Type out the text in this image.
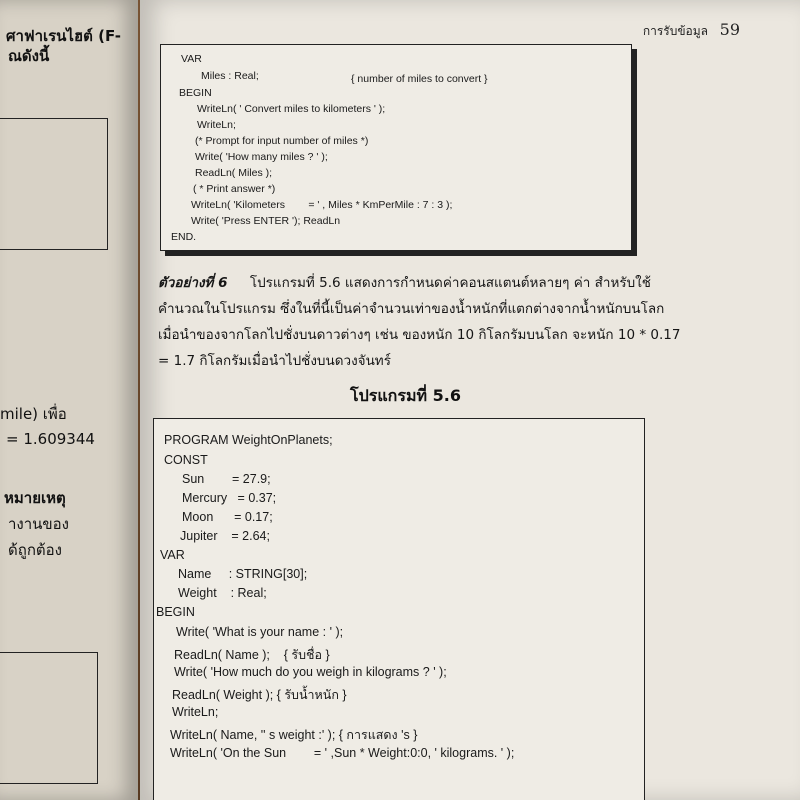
ศาฟาเรนไฮต์ (F-
ณดังนี้
mile) เพื่อ
= 1.609344
หมายเหตุ
างานของ
ด้ถูกต้อง
การรับข้อมูล 59
VAR
Miles : Real;	{ number of miles to convert }
BEGIN
WriteLn( ' Convert miles to kilometers ' );
WriteLn;
(* Prompt for input number of miles *)
Write( 'How many miles ? ' );
ReadLn( Miles );
( * Print answer *)
WriteLn( 'Kilometers        = ' , Miles * KmPerMile : 7 : 3 );
Write( 'Press ENTER '); ReadLn
END.
ตัวอย่างที่ 6 โปรแกรมที่ 5.6 แสดงการกำหนดค่าคอนสแตนต์หลายๆ ค่า สำหรับใช้
คำนวณในโปรแกรม ซึ่งในที่นี้เป็นค่าจำนวนเท่าของน้ำหนักที่แตกต่างจากน้ำหนักบนโลก
เมื่อนำของจากโลกไปชั่งบนดาวต่างๆ เช่น ของหนัก 10 กิโลกรัมบนโลก จะหนัก 10 * 0.17
= 1.7 กิโลกรัมเมื่อนำไปชั่งบนดวงจันทร์
โปรแกรมที่ 5.6
PROGRAM WeightOnPlanets;
CONST
Sun        = 27.9;
Mercury   = 0.37;
Moon      = 0.17;
Jupiter    = 2.64;
VAR
Name     : STRING[30];
Weight    : Real;
BEGIN
Write( 'What is your name : ' );
ReadLn( Name );    { รับชื่อ }
Write( 'How much do you weigh in kilograms ? ' );
ReadLn( Weight ); { รับน้ำหนัก }
WriteLn;
WriteLn( Name, '' s weight :' ); { การแสดง 's }
WriteLn( 'On the Sun        = ' ,Sun * Weight:0:0, ' kilograms. ' );
